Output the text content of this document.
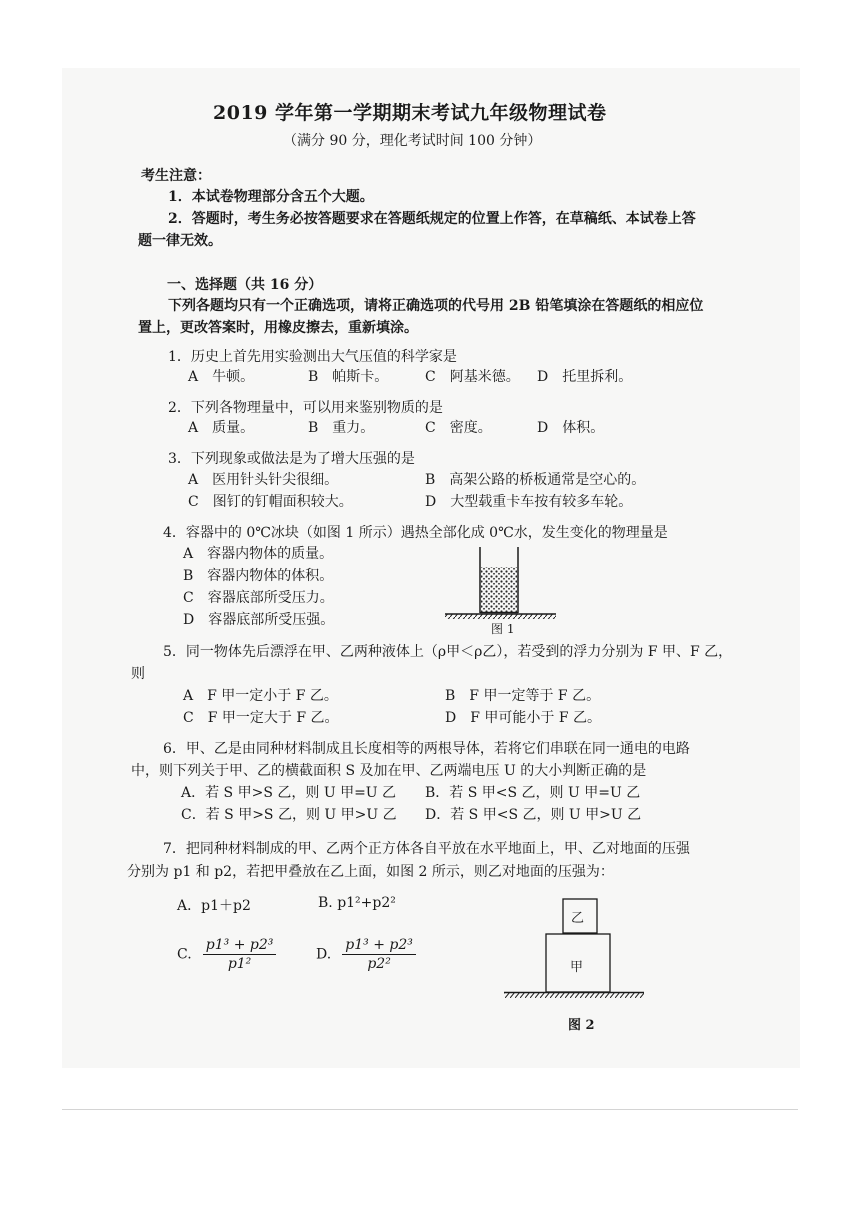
2019 学年第一学期期末考试九年级物理试卷
（满分 90 分，理化考试时间 100 分钟）
考生注意：
1．本试卷物理部分含五个大题。
2．答题时，考生务必按答题要求在答题纸规定的位置上作答，在草稿纸、本试卷上答
题一律无效。
一、选择题（共 16 分）
下列各题均只有一个正确选项，请将正确选项的代号用 2B 铅笔填涂在答题纸的相应位
置上，更改答案时，用橡皮擦去，重新填涂。
1．历史上首先用实验测出大气压值的科学家是
A　牛顿。	B　帕斯卡。	C　阿基米德。 D　托里拆利。
2．下列各物理量中，可以用来鉴别物质的是
A　质量。	B　重力。	C　密度。	D　体积。
3．下列现象或做法是为了增大压强的是
A　医用针头针尖很细。	B　高架公路的桥板通常是空心的。
C　图钉的钉帽面积较大。	D　大型载重卡车按有较多车轮。
4．容器中的 0℃冰块（如图 1 所示）遇热全部化成 0℃水，发生变化的物理量是
A　容器内物体的质量。
B　容器内物体的体积。
C　容器底部所受压力。
D　容器底部所受压强。
图 1
5．同一物体先后漂浮在甲、乙两种液体上（ρ甲＜ρ乙），若受到的浮力分别为 F 甲、F 乙，
则
A　F 甲一定小于 F 乙。	B　F 甲一定等于 F 乙。
C　F 甲一定大于 F 乙。	D　F 甲可能小于 F 乙。
6．甲、乙是由同种材料制成且长度相等的两根导体，若将它们串联在同一通电的电路
中，则下列关于甲、乙的横截面积 S 及加在甲、乙两端电压 U 的大小判断正确的是
A．若 S 甲>S 乙，则 U 甲=U 乙 B．若 S 甲<S 乙，则 U 甲=U 乙
C．若 S 甲>S 乙，则 U 甲>U 乙 D．若 S 甲<S 乙，则 U 甲>U 乙
7．把同种材料制成的甲、乙两个正方体各自平放在水平地面上，甲、乙对地面的压强
分别为 p1 和 p2，若把甲叠放在乙上面，如图 2 所示，则乙对地面的压强为：
A．p1＋p2	B. p1²+p2²
C. $\frac{\text{p1³ + p2³}}{\text{p1²}}$	D. $\frac{\text{p1³ + p2³}}{\text{p2²}}$
乙
甲
图 2
